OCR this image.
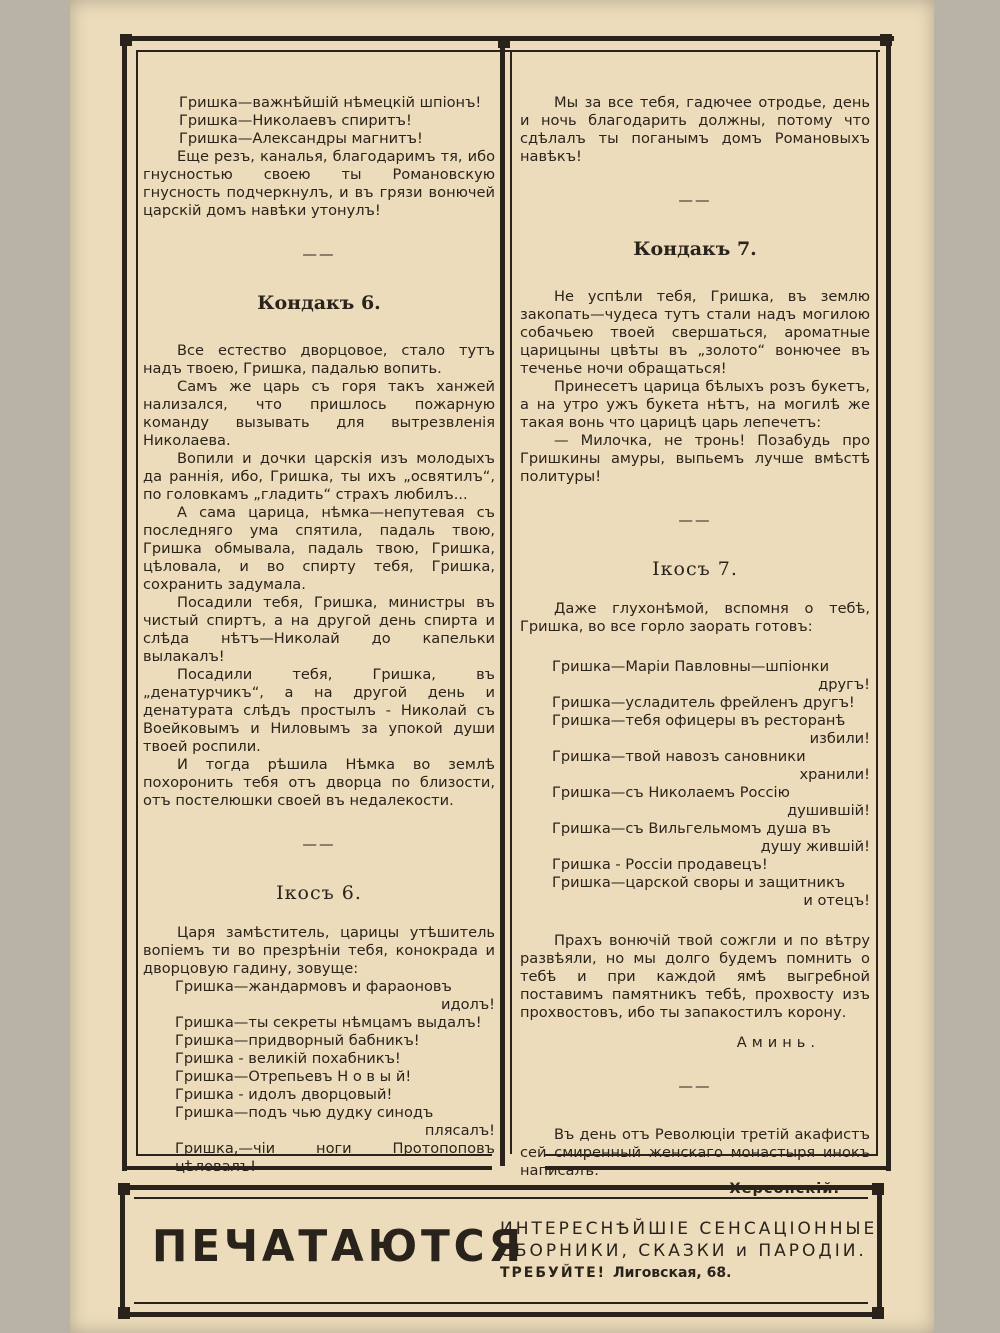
Гришка—важнѣйшій нѣмецкій шпіонъ!
Гришка—Николаевъ спиритъ!
Гришка—Александры магнитъ!

Еще резъ, каналья, благодаримъ тя, ибо гнусностью своею ты Романовскую гнусность подчеркнулъ, и въ грязи вонючей царскій домъ навѣки утонулъ!

——
Кондакъ 6.

Все естество дворцовое, стало тутъ надъ твоею, Гришка, падалью вопить.

Самъ же царь съ горя такъ ханжей нализался, что пришлось пожарную команду вызывать для вытрезвленія Николаева.

Вопили и дочки царскія изъ молодыхъ да раннія, ибо, Гришка, ты ихъ „освятилъ“, по головкамъ „гладить“ страхъ любилъ...

А сама царица, нѣмка—непутевая съ последняго ума спятила, падаль твою, Гришка обмывала, падаль твою, Гришка, цѣловала, и во спирту тебя, Гришка, сохранить задумала.

Посадили тебя, Гришка, министры въ чистый спиртъ, а на другой день спирта и слѣда нѣтъ—Николай до капельки вылакалъ!

Посадили тебя, Гришка, въ „денатурчикъ“, а на другой день и денатурата слѣдъ простылъ - Николай съ Воейковымъ и Ниловымъ за упокой души твоей роспили.

И тогда рѣшила Нѣмка во землѣ похоронить тебя отъ дворца по близости, отъ постелюшки своей въ недалекости.

——
Ікосъ 6.

Царя замѣститель, царицы утѣшитель вопіемъ ти во презрѣніи тебя, конокрада и дворцовую гадину, зовуще:

Гришка—жандармовъ и фараоновъ
идолъ!
Гришка—ты секреты нѣмцамъ выдалъ!
Гришка—придворный бабникъ!
Гришка - великій похабникъ!
Гришка—Отрепьевъ Н о в ы й!
Гришка - идолъ дворцовый!
Гришка—подъ чью дудку синодъ
плясалъ!
Гришка,—чіи ноги Протопоповъ цѣловалъ!

Мы за все тебя, гадючее отродье, день и ночь благодарить должны, потому что сдѣлалъ ты поганымъ домъ Романовыхъ навѣкъ!

——
Кондакъ 7.

Не успѣли тебя, Гришка, въ землю закопать—чудеса тутъ стали надъ могилою собачьею твоей свершаться, ароматные царицыны цвѣты въ „золото“ вонючее въ теченье ночи обращаться!

Принесетъ царица бѣлыхъ розъ букетъ, а на утро ужъ букета нѣтъ, на могилѣ же такая вонь что царицѣ царь лепечетъ:

— Милочка, не тронь! Позабудь про Гришкины амуры, выпьемъ лучше вмѣстѣ политуры!

——
Ікосъ 7.

Даже глухонѣмой, вспомня о тебѣ, Гришка, во все горло заорать готовъ:

Гришка—Маріи Павловны—шпіонки
другъ!
Гришка—усладитель фрейленъ другъ!
Гришка—тебя офицеры въ ресторанѣ
избили!
Гришка—твой навозъ сановники
хранили!
Гришка—съ Николаемъ Россію
душившій!
Гришка—съ Вильгельмомъ душа въ
душу жившій!
Гришка - Россіи продавецъ!
Гришка—царской своры и защитникъ
и отецъ!

Прахъ вонючій твой сожгли и по вѣтру развѣяли, но мы долго будемъ помнить о тебѣ и при каждой ямѣ выгребной поставимъ памятникъ тебѣ, прохвосту изъ прохвостовъ, ибо ты запакостилъ корону.

Аминь.
——

Въ день отъ Революціи третій акафистъ сей смиренный женскаго монастыря инокъ написалъ:

ПЕЧАТАЮТСЯ
ИНТЕРЕСНѢЙШІЕ СЕНСАЦІОННЫЕ
СБОРНИКИ, СКАЗКИ и ПАРОДІИ.
ТРЕБУЙТЕ! Лиговская, 68.
